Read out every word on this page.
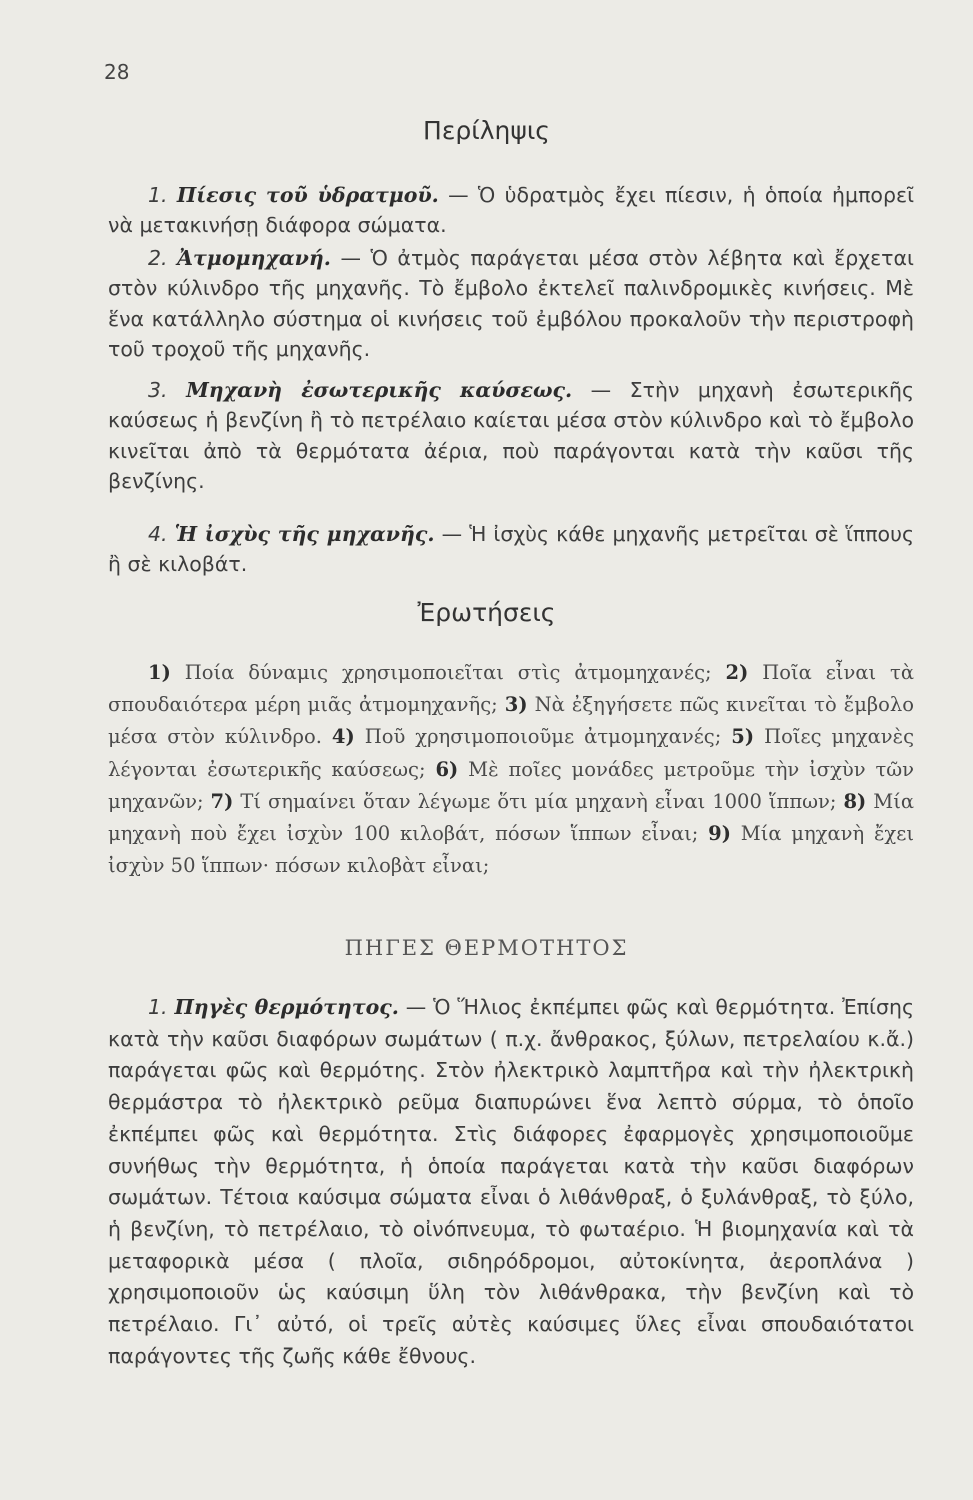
28
Περίληψις

1. Πίεσις τοῦ ὑδρατμοῦ. — Ὁ ὑδρατμὸς ἔχει πίεσιν, ἡ ὁποία ἠμπορεῖ νὰ μετακινήσῃ διάφορα σώματα.

2. Ἀτμομηχανή. — Ὁ ἀτμὸς παράγεται μέσα στὸν λέβητα καὶ ἔρχεται στὸν κύλινδρο τῆς μηχανῆς. Τὸ ἔμβολο ἐκτελεῖ παλινδρομικὲς κινήσεις. Μὲ ἕνα κατάλληλο σύστημα οἱ κινήσεις τοῦ ἐμβόλου προκαλοῦν τὴν περιστροφὴ τοῦ τροχοῦ τῆς μηχανῆς.

3. Μηχανὴ ἐσωτερικῆς καύσεως. — Στὴν μηχανὴ ἐσωτερικῆς καύσεως ἡ βενζίνη ἢ τὸ πετρέλαιο καίεται μέσα στὸν κύλινδρο καὶ τὸ ἔμβολο κινεῖται ἀπὸ τὰ θερμότατα ἀέρια, ποὺ παράγονται κατὰ τὴν καῦσι τῆς βενζίνης.

4. Ἡ ἰσχὺς τῆς μηχανῆς. — Ἡ ἰσχὺς κάθε μηχανῆς μετρεῖται σὲ ἵππους ἢ σὲ κιλοβάτ.

Ἐρωτήσεις

1) Ποία δύναμις χρησιμοποιεῖται στὶς ἀτμομηχανές; 2) Ποῖα εἶναι τὰ σπουδαιότερα μέρη μιᾶς ἀτμομηχανῆς; 3) Νὰ ἐξηγήσετε πῶς κινεῖται τὸ ἔμβολο μέσα στὸν κύλινδρο. 4) Ποῦ χρησιμοποιοῦμε ἀτμομηχανές; 5) Ποῖες μηχανὲς λέγονται ἐσωτερικῆς καύσεως; 6) Μὲ ποῖες μονάδες μετροῦμε τὴν ἰσχὺν τῶν μηχανῶν; 7) Τί σημαίνει ὅταν λέγωμε ὅτι μία μηχανὴ εἶναι 1000 ἵππων; 8) Μία μηχανὴ ποὺ ἔχει ἰσχὺν 100 κιλοβάτ, πόσων ἵππων εἶναι; 9) Μία μηχανὴ ἔχει ἰσχὺν 50 ἵππων· πόσων κιλοβὰτ εἶναι;

ΠΗΓΕΣ ΘΕΡΜΟΤΗΤΟΣ

1. Πηγὲς θερμότητος. — Ὁ Ἥλιος ἐκπέμπει φῶς καὶ θερμότητα. Ἐπίσης κατὰ τὴν καῦσι διαφόρων σωμάτων ( π.χ. ἄνθρακος, ξύλων, πετρελαίου κ.ἄ.) παράγεται φῶς καὶ θερμότης. Στὸν ἠλεκτρικὸ λαμπτῆρα καὶ τὴν ἠλεκτρικὴ θερμάστρα τὸ ἠλεκτρικὸ ρεῦμα διαπυρώνει ἕνα λεπτὸ σύρμα, τὸ ὁποῖο ἐκπέμπει φῶς καὶ θερμότητα. Στὶς διάφορες ἐφαρμογὲς χρησιμοποιοῦμε συνήθως τὴν θερμότητα, ἡ ὁποία παράγεται κατὰ τὴν καῦσι διαφόρων σωμάτων. Τέτοια καύσιμα σώματα εἶναι ὁ λιθάνθραξ, ὁ ξυλάνθραξ, τὸ ξύλο, ἡ βενζίνη, τὸ πετρέλαιο, τὸ οἰνόπνευμα, τὸ φωταέριο. Ἡ βιομηχανία καὶ τὰ μεταφορικὰ μέσα ( πλοῖα, σιδηρόδρομοι, αὐτοκίνητα, ἀεροπλάνα ) χρησιμοποιοῦν ὡς καύσιμη ὕλη τὸν λιθάνθρακα, τὴν βενζίνη καὶ τὸ πετρέλαιο. Γι᾿ αὐτό, οἱ τρεῖς αὐτὲς καύσιμες ὕλες εἶναι σπουδαιότατοι παράγοντες τῆς ζωῆς κάθε ἔθνους.
